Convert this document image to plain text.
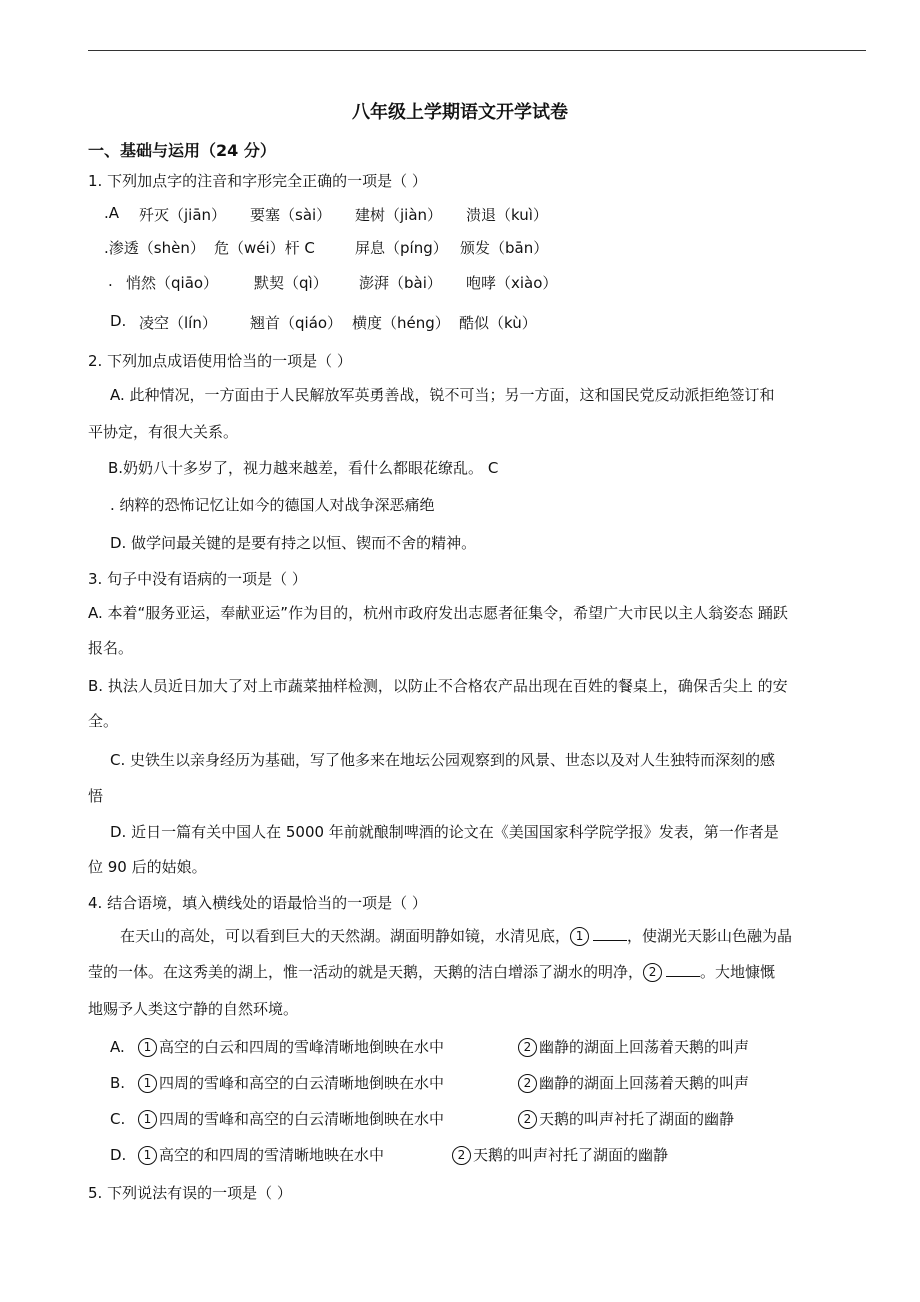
八年级上学期语文开学试卷
一、基础与运用（24 分）
1. 下列加点字的注音和字形完全正确的一项是（ ）
.A 歼灭（jiān） 要塞（sài） 建树（jiàn） 溃退（kuì）
.渗透（shèn） 危（wéi）杆 C	屏息（píng） 颁发（bān）
. 悄然（qiāo） 默契（qì） 澎湃（bài） 咆哮（xiào）
D. 凌空（lín） 翘首（qiáo） 横度（héng） 酷似（kù）
2. 下列加点成语使用恰当的一项是（ ）
A. 此种情况，一方面由于人民解放军英勇善战，锐不可当；另一方面，这和国民党反动派拒绝签订和
平协定，有很大关系。
B.奶奶八十多岁了，视力越来越差，看什么都眼花缭乱。 C
. 纳粹的恐怖记忆让如今的德国人对战争深恶痛绝
D. 做学问最关键的是要有持之以恒、锲而不舍的精神。
3. 句子中没有语病的一项是（ ）
A. 本着“服务亚运，奉献亚运”作为目的，杭州市政府发出志愿者征集令，希望广大市民以主人翁姿态 踊跃
报名。
B. 执法人员近日加大了对上市蔬菜抽样检测，以防止不合格农产品出现在百姓的餐桌上，确保舌尖上 的安
全。
C. 史铁生以亲身经历为基础，写了他多来在地坛公园观察到的风景、世态以及对人生独特而深刻的感
悟
D. 近日一篇有关中国人在 5000 年前就酿制啤酒的论文在《美国国家科学院学报》发表，第一作者是
位 90 后的姑娘。
4. 结合语境，填入横线处的语最恰当的一项是（ ）
在天山的高处，可以看到巨大的天然湖。湖面明静如镜，水清见底， 1	，使湖光天影山色融为晶
莹的一体。在这秀美的湖上，惟一活动的就是天鹅，天鹅的洁白增添了湖水的明净， 2	。大地慷慨
地赐予人类这宁静的自然环境。
A.	1 高空的白云和四周的雪峰清晰地倒映在水中	2 幽静的湖面上回荡着天鹅的叫声
B.	1 四周的雪峰和高空的白云清晰地倒映在水中	2 幽静的湖面上回荡着天鹅的叫声
C.	1 四周的雪峰和高空的白云清晰地倒映在水中	2 天鹅的叫声衬托了湖面的幽静
D.	1 高空的和四周的雪清晰地映在水中	2 天鹅的叫声衬托了湖面的幽静
5. 下列说法有误的一项是（ ）
